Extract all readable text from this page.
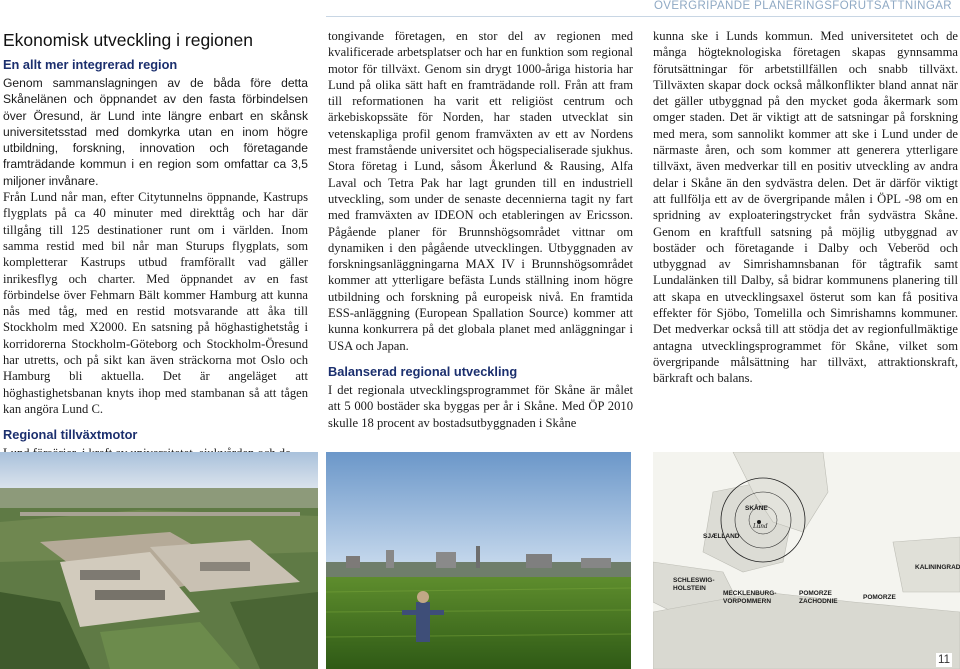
ÖVERGRIPANDE PLANERINGSFÖRUTSÄTTNINGAR
Ekonomisk utveckling i regionen
En allt mer integrerad region

Genom sammanslagningen av de båda före detta Skånelänen och öppnandet av den fasta förbindelsen över Öresund, är Lund inte längre enbart en skånsk universitetsstad med domkyrka utan en inom högre utbildning, forskning, innovation och företagande framträdande kommun i en region som omfattar ca 3,5 miljoner invånare.

Från Lund når man, efter Citytunnelns öppnande, Kastrups flygplats på ca 40 minuter med direkttåg och har där tillgång till 125 destinationer runt om i världen. Inom samma restid med bil når man Sturups flygplats, som kompletterar Kastrups utbud framförallt vad gäller inrikesflyg och charter. Med öppnandet av en fast förbindelse över Fehmarn Bält kommer Hamburg att kunna nås med tåg, med en restid motsvarande att åka till Stockholm med X2000. En satsning på höghastighetståg i korridorerna Stockholm-Göteborg och Stockholm-Öresund har utretts, och på sikt kan även sträckorna mot Oslo och Hamburg bli aktuella. Det är angeläget att höghastighetsbanan knyts ihop med stambanan så att tågen kan angöra Lund C.

Regional tillväxtmotor

tongivande företagen, en stor del av regionen med kvalificerade arbetsplatser och har en funktion som regional motor för tillväxt. Genom sin drygt 1000-åriga historia har Lund på olika sätt haft en framträdande roll. Från att fram till reformationen ha varit ett religiöst centrum och ärkebiskopssäte för Norden, har staden utvecklat sin vetenskapliga profil genom framväxten av ett av Nordens mest framstående universitet och högspecialiserade sjukhus. Stora företag i Lund, såsom Åkerlund & Rausing, Alfa Laval och Tetra Pak har lagt grunden till en industriell utveckling, som under de senaste decennierna tagit ny fart med framväxten av IDEON och etableringen av Ericsson. Pågående planer för Brunnshögsområdet vittnar om dynamiken i den pågående utvecklingen. Utbyggnaden av forskningsanläggningarna MAX IV i Brunnshögsområdet kommer att ytterligare befästa Lunds ställning inom högre utbildning och forskning på europeisk nivå. En framtida ESS-anläggning (European Spallation Source) kommer att kunna konkurrera på det globala planet med anläggningar i USA och Japan.

Balanserad regional utveckling

I det regionala utvecklingsprogrammet för Skåne är målet att 5 000 bostäder ska byggas per år i Skåne. Med ÖP 2010 skulle 18 procent av bostadsutbyggnaden i Skåne

kunna ske i Lunds kommun. Med universitetet och de många högteknologiska företagen skapas gynnsamma förutsättningar för arbetstillfällen och snabb tillväxt. Tillväxten skapar dock också målkonflikter bland annat när det gäller utbyggnad på den mycket goda åkermark som omger staden. Det är viktigt att de satsningar på forskning med mera, som sannolikt kommer att ske i Lund under de närmaste åren, och som kommer att generera ytterligare tillväxt, även medverkar till en positiv utveckling av andra delar i Skåne än den sydvästra delen. Det är därför viktigt att fullfölja ett av de övergripande målen i ÖPL -98 om en spridning av exploateringstrycket från sydvästra Skåne. Genom en kraftfull satsning på möjlig utbyggnad av bostäder och företagande i Dalby och Veberöd och utbyggnad av Simrishamnsbanan för tågtrafik samt Lundalänken till Dalby, så bidrar kommunens planering till att skapa en utvecklingsaxel österut som kan få positiva effekter för Sjöbo, Tomelilla och Simrishamns kommuner. Det medverkar också till att stödja det av regionfullmäktige antagna utvecklingsprogrammet för Skåne, vilket som övergripande målsättning har tillväxt, attraktionskraft, bärkraft och balans.

SKÅNE
Lund
SJÆLLAND
KALININGRAD
SCHLESWIG-
HOLSTEIN
MECKLENBURG-
VORPOMMERN
POMORZE
ZACHODNIE
POMORZE
11
